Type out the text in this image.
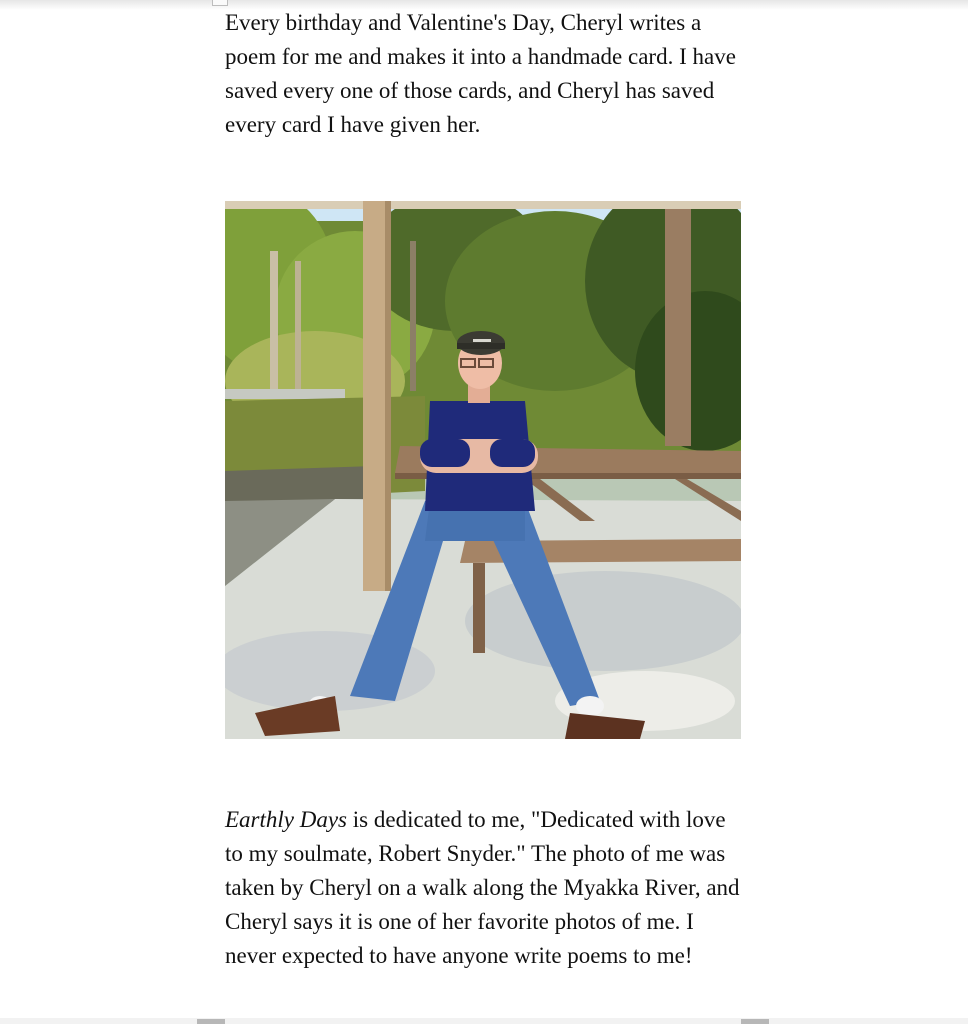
Every birthday and Valentine's Day, Cheryl writes a poem for me and makes it into a handmade card. I have saved every one of those cards, and Cheryl has saved every card I have given her.

Earthly Days is dedicated to me, "Dedicated with love to my soulmate, Robert Snyder." The photo of me was taken by Cheryl on a walk along the Myakka River, and Cheryl says it is one of her favorite photos of me. I never expected to have anyone write poems to me!
